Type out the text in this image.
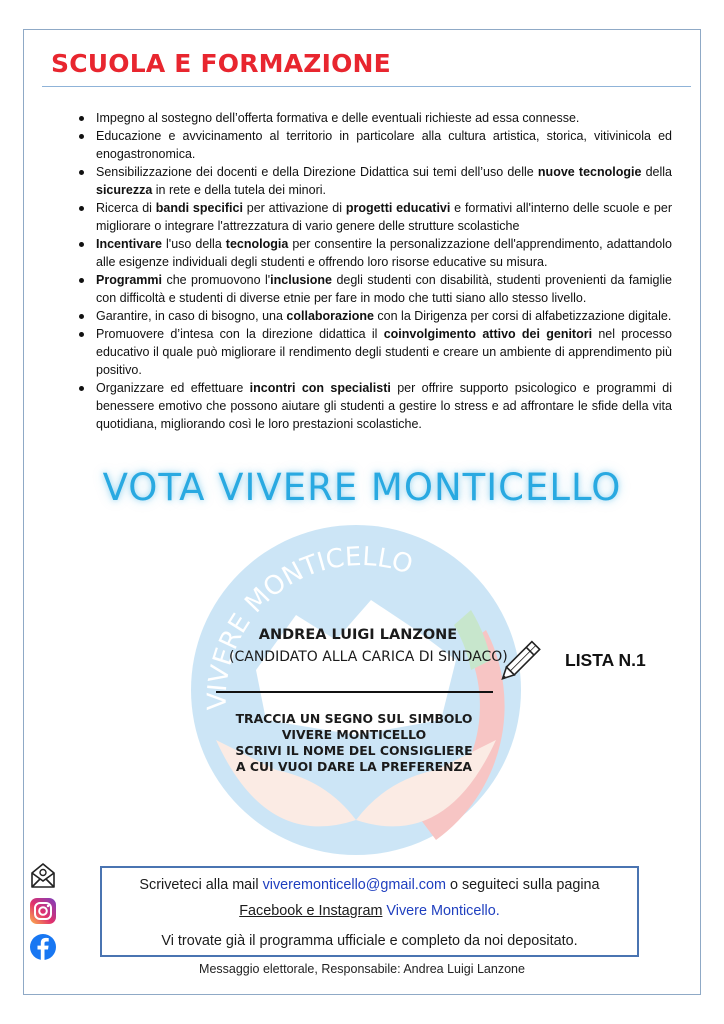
SCUOLA E FORMAZIONE
Impegno al sostegno dell’offerta formativa e delle eventuali richieste ad essa connesse.
Educazione e avvicinamento al territorio in particolare alla cultura artistica, storica, vitivinicola ed enogastronomica.
Sensibilizzazione dei docenti e della Direzione Didattica sui temi dell’uso delle nuove tecnologie della sicurezza in rete e della tutela dei minori.
Ricerca di bandi specifici per attivazione di progetti educativi e formativi all'interno delle scuole e per migliorare o integrare l'attrezzatura di vario genere delle strutture scolastiche
Incentivare l'uso della tecnologia per consentire la personalizzazione dell'apprendimento, adattandolo alle esigenze individuali degli studenti e offrendo loro risorse educative su misura.
Programmi che promuovono l'inclusione degli studenti con disabilità, studenti provenienti da famiglie con difficoltà e studenti di diverse etnie per fare in modo che tutti siano allo stesso livello.
Garantire, in caso di bisogno, una collaborazione con la Dirigenza per corsi di alfabetizzazione digitale.
Promuovere d’intesa con la direzione didattica il coinvolgimento attivo dei genitori nel processo educativo il quale può migliorare il rendimento degli studenti e creare un ambiente di apprendimento più positivo.
Organizzare ed effettuare incontri con specialisti per offrire supporto psicologico e programmi di benessere emotivo che possono aiutare gli studenti a gestire lo stress e ad affrontare le sfide della vita quotidiana, migliorando così le loro prestazioni scolastiche.
VOTA VIVERE MONTICELLO
VIVERE MONTICELLO
ANDREA LUIGI LANZONE
(CANDIDATO ALLA CARICA DI SINDACO)	LISTA N.1
TRACCIA UN SEGNO SUL SIMBOLO
VIVERE MONTICELLO
SCRIVI IL NOME DEL CONSIGLIERE
A CUI VUOI DARE LA PREFERENZA
Scriveteci alla mail viveremonticello@gmail.com o seguiteci sulla pagina
Facebook e Instagram Vivere Monticello.
Vi trovate già il programma ufficiale e completo da noi depositato.
Messaggio elettorale, Responsabile: Andrea Luigi Lanzone
